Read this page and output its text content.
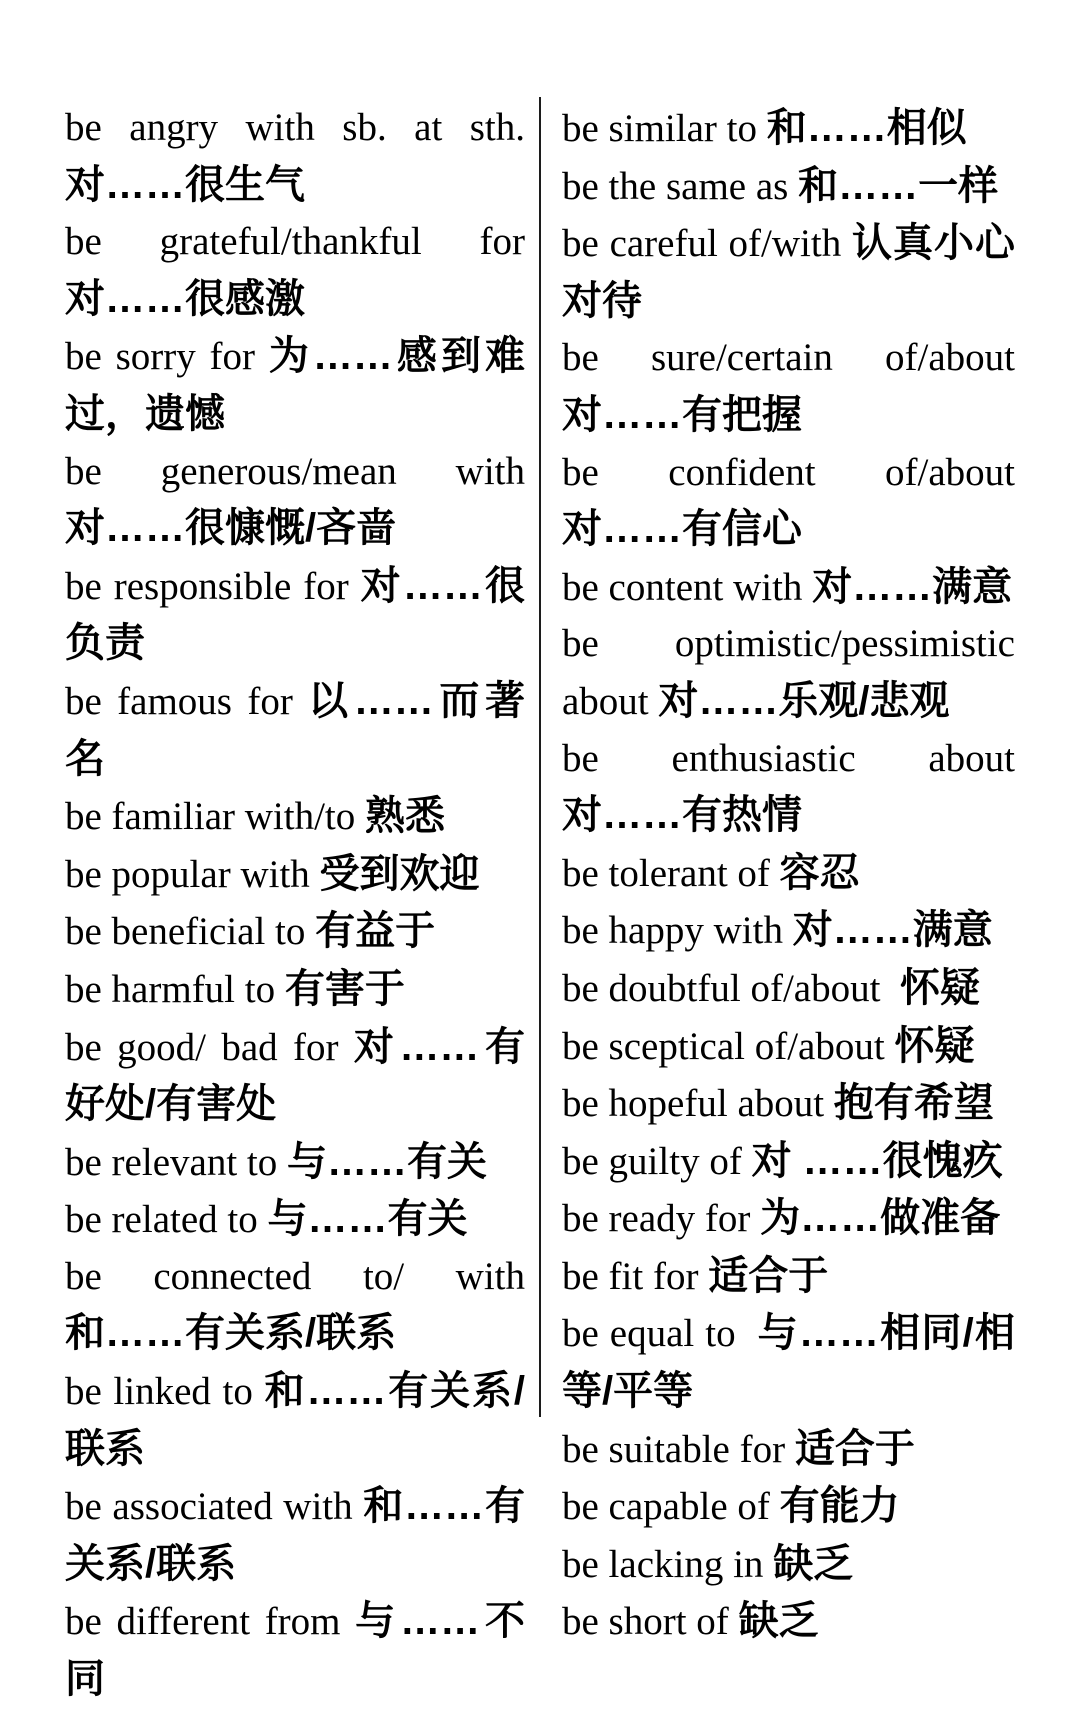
be angry with sb. at sth.对……很生气

be grateful/thankful for 对……很感激

be sorry for 为……感到难过，遗憾

be generous/mean with 对……很慷慨/吝啬

be responsible for 对……很负责

be famous for 以……而著名

be familiar with/to 熟悉

be popular with 受到欢迎

be beneficial to 有益于

be harmful to 有害于

be good/ bad for 对……有好处/有害处

be relevant to 与……有关

be related to 与……有关

be connected to/ with 和……有关系/联系

be linked to 和……有关系/联系

be associated with 和……有关系/联系

be different from 与……不同

be similar to 和……相似

be the same as 和……一样

be careful of/with 认真小心对待

be sure/certain of/about 对……有把握

be confident of/about 对……有信心

be content with 对……满意

be optimistic/pessimistic about 对……乐观/悲观

be enthusiastic about 对……有热情

be tolerant of 容忍

be happy with 对……满意

be doubtful of/about  怀疑

be sceptical of/about 怀疑

be hopeful about 抱有希望

be guilty of 对 ……很愧疚

be ready for 为……做准备

be fit for 适合于

be equal to  与……相同/相等/平等

be suitable for 适合于

be capable of 有能力

be lacking in 缺乏

be short of 缺乏
